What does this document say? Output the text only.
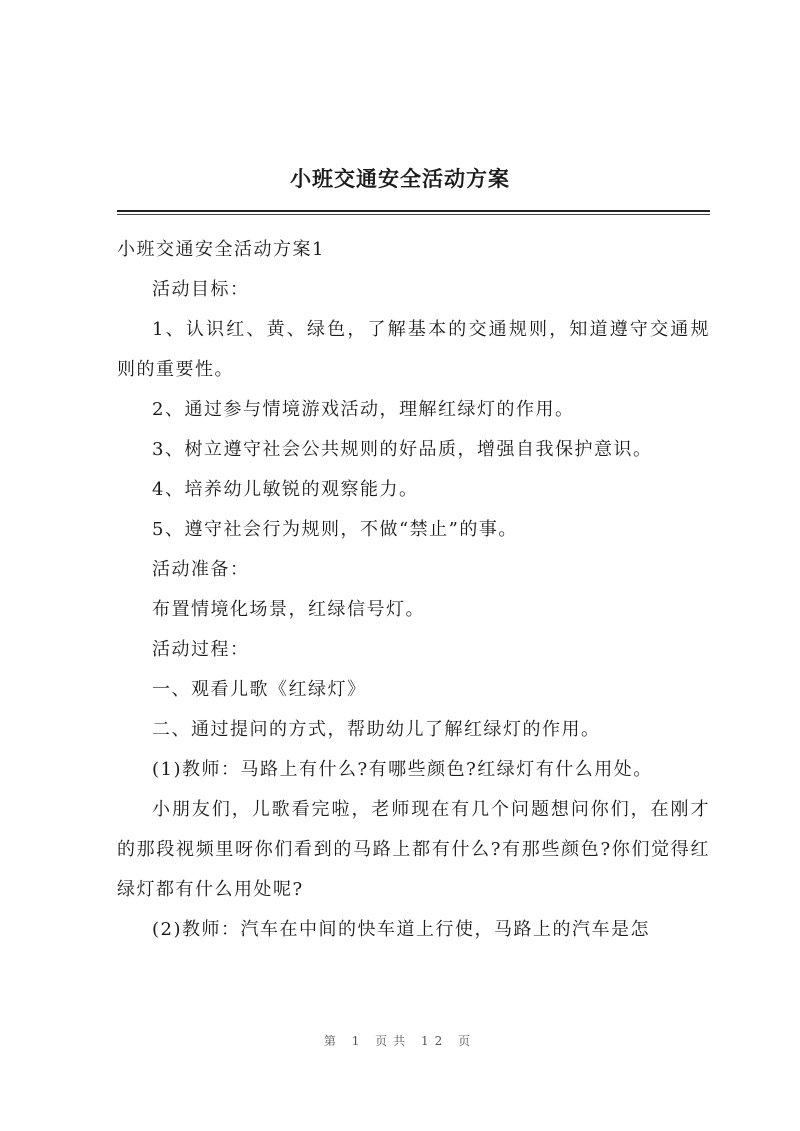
小班交通安全活动方案

小班交通安全活动方案1

活动目标：

1、认识红、黄、绿色，了解基本的交通规则，知道遵守交通规则的重要性。

2、通过参与情境游戏活动，理解红绿灯的作用。

3、树立遵守社会公共规则的好品质，增强自我保护意识。

4、培养幼儿敏锐的观察能力。

5、遵守社会行为规则，不做“禁止”的事。

活动准备：

布置情境化场景，红绿信号灯。

活动过程：

一、观看儿歌《红绿灯》

二、通过提问的方式，帮助幼儿了解红绿灯的作用。

(1)教师：马路上有什么?有哪些颜色?红绿灯有什么用处。

小朋友们，儿歌看完啦，老师现在有几个问题想问你们，在刚才的那段视频里呀你们看到的马路上都有什么?有那些颜色?你们觉得红绿灯都有什么用处呢?

(2)教师：汽车在中间的快车道上行使，马路上的汽车是怎

第 1 页共 12 页
